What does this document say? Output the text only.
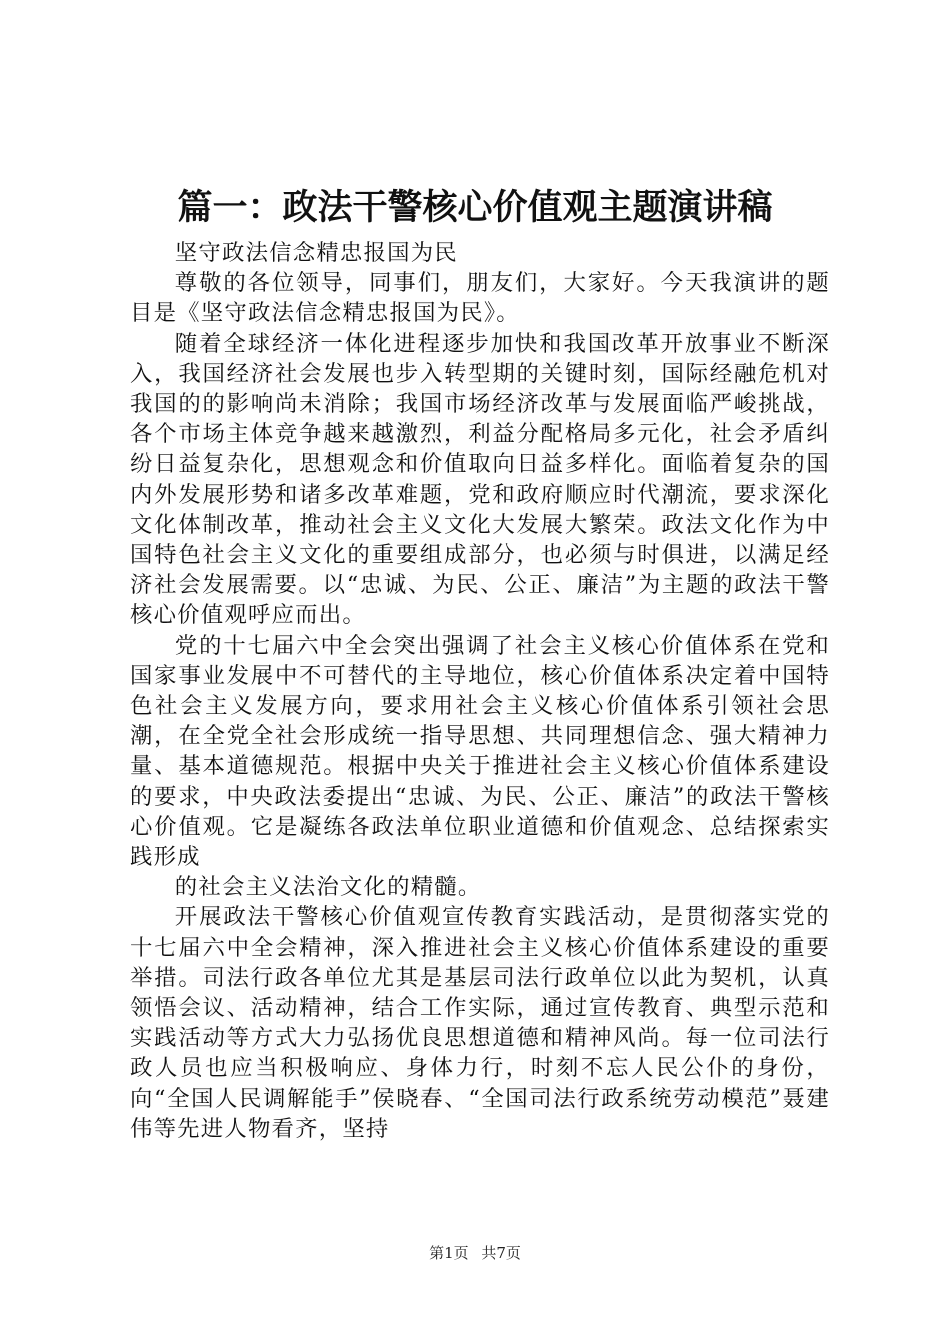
篇一：政法干警核心价值观主题演讲稿

坚守政法信念精忠报国为民

尊敬的各位领导，同事们，朋友们，大家好。今天我演讲的题目是《坚守政法信念精忠报国为民》。

随着全球经济一体化进程逐步加快和我国改革开放事业不断深入，我国经济社会发展也步入转型期的关键时刻，国际经融危机对我国的的影响尚未消除；我国市场经济改革与发展面临严峻挑战，各个市场主体竞争越来越激烈，利益分配格局多元化，社会矛盾纠纷日益复杂化，思想观念和价值取向日益多样化。面临着复杂的国内外发展形势和诸多改革难题，党和政府顺应时代潮流，要求深化文化体制改革，推动社会主义文化大发展大繁荣。政法文化作为中国特色社会主义文化的重要组成部分，也必须与时俱进，以满足经济社会发展需要。以“忠诚、为民、公正、廉洁”为主题的政法干警核心价值观呼应而出。

党的十七届六中全会突出强调了社会主义核心价值体系在党和国家事业发展中不可替代的主导地位，核心价值体系决定着中国特色社会主义发展方向，要求用社会主义核心价值体系引领社会思潮，在全党全社会形成统一指导思想、共同理想信念、强大精神力量、基本道德规范。根据中央关于推进社会主义核心价值体系建设的要求，中央政法委提出“忠诚、为民、公正、廉洁”的政法干警核心价值观。它是凝练各政法单位职业道德和价值观念、总结探索实践形成

的社会主义法治文化的精髓。

开展政法干警核心价值观宣传教育实践活动，是贯彻落实党的十七届六中全会精神，深入推进社会主义核心价值体系建设的重要举措。司法行政各单位尤其是基层司法行政单位以此为契机，认真领悟会议、活动精神，结合工作实际，通过宣传教育、典型示范和实践活动等方式大力弘扬优良思想道德和精神风尚。每一位司法行政人员也应当积极响应、身体力行，时刻不忘人民公仆的身份，向“全国人民调解能手”侯晓春、“全国司法行政系统劳动模范”聂建伟等先进人物看齐，坚持

第1页 共7页
